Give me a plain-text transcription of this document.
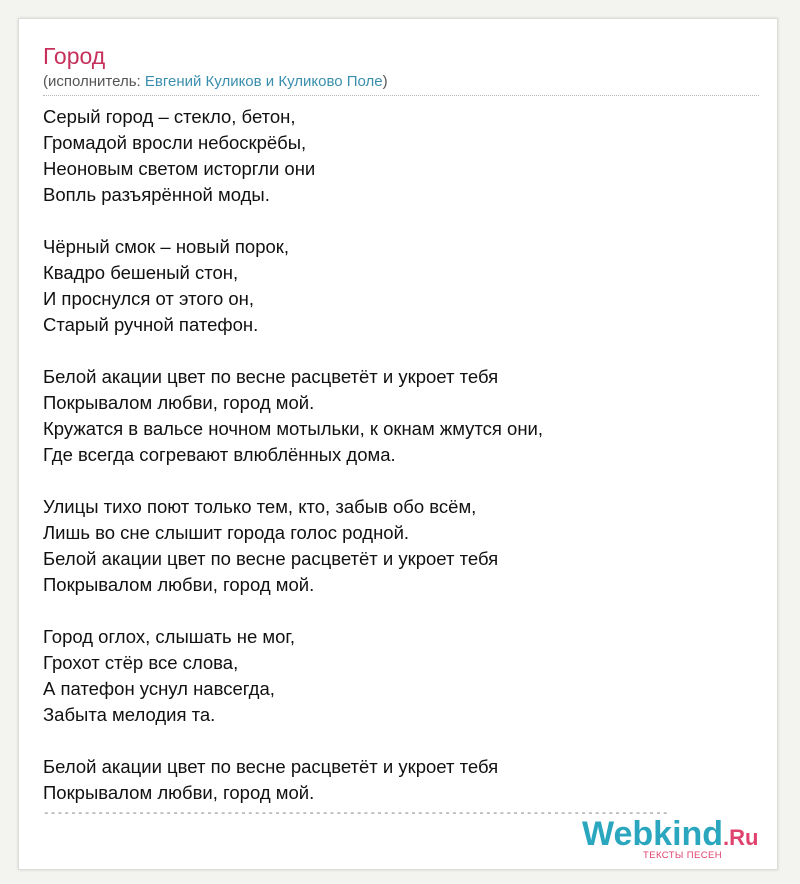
Город
(исполнитель: Евгений Куликов и Куликово Поле)
Серый город – стекло, бетон,
Громадой вросли небоскрёбы,
Неоновым светом исторгли они
Вопль разъярённой моды.
Чёрный смок – новый порок,
Квадро бешеный стон,
И проснулся от этого он,
Старый ручной патефон.
Белой акации цвет по весне расцветёт и укроет тебя
Покрывалом любви, город мой.
Кружатся в вальсе ночном мотыльки, к окнам жмутся они,
Где всегда согревают влюблённых дома.
Улицы тихо поют только тем, кто, забыв обо всём,
Лишь во сне слышит города голос родной.
Белой акации цвет по весне расцветёт и укроет тебя
Покрывалом любви, город мой.
Город оглох, слышать не мог,
Грохот стёр все слова,
А патефон уснул навсегда,
Забыта мелодия та.
Белой акации цвет по весне расцветёт и укроет тебя
Покрывалом любви, город мой.
--------------------------------------------------------------------------------------------
Webkind.Ru
ТЕКСТЫ ПЕСЕН
